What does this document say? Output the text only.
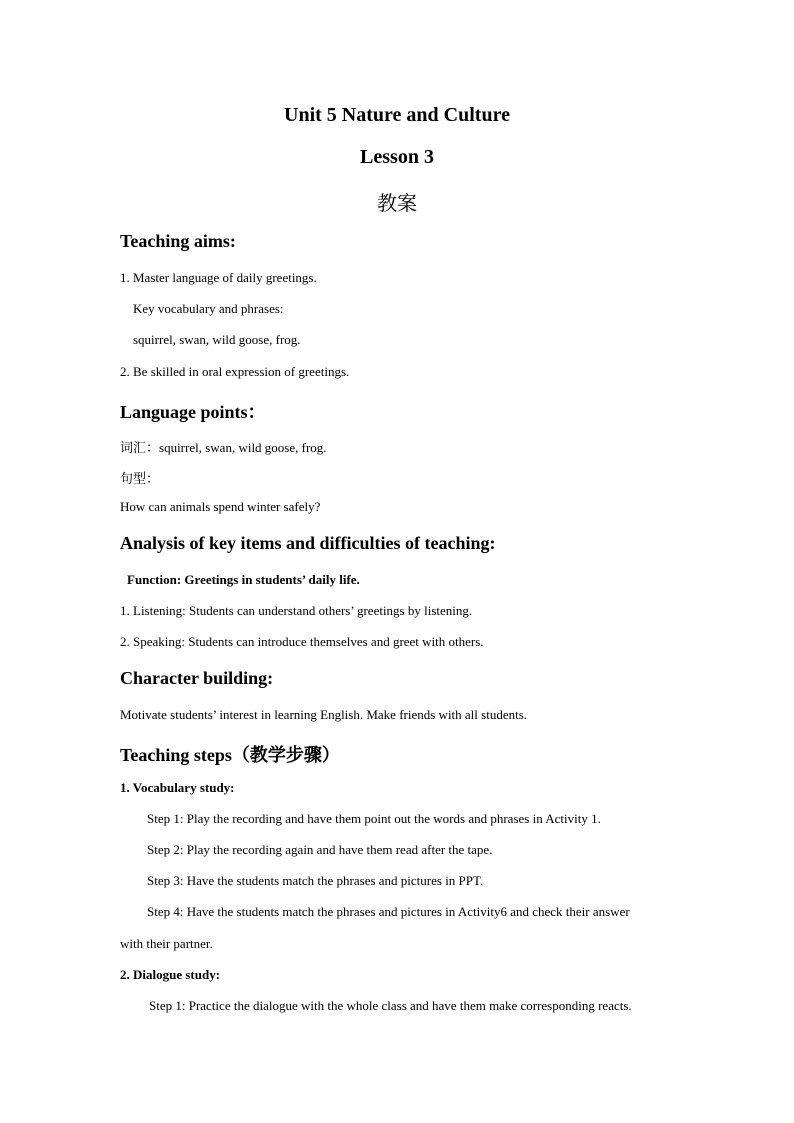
Unit 5 Nature and Culture
Lesson 3
教案
Teaching aims:
1. Master language of daily greetings.
Key vocabulary and phrases:
squirrel, swan, wild goose, frog.
2. Be skilled in oral expression of greetings.
Language points：
词汇：squirrel, swan, wild goose, frog.
句型：
How can animals spend winter safely?
Analysis of key items and difficulties of teaching:
Function: Greetings in students’ daily life.
1. Listening: Students can understand others’ greetings by listening.
2. Speaking: Students can introduce themselves and greet with others.
Character building:
Motivate students’ interest in learning English. Make friends with all students.
Teaching steps（教学步骤）
1. Vocabulary study:
Step 1: Play the recording and have them point out the words and phrases in Activity 1.
Step 2: Play the recording again and have them read after the tape.
Step 3: Have the students match the phrases and pictures in PPT.
Step 4: Have the students match the phrases and pictures in Activity6 and check their answer
with their partner.
2. Dialogue study:
Step 1: Practice the dialogue with the whole class and have them make corresponding reacts.
